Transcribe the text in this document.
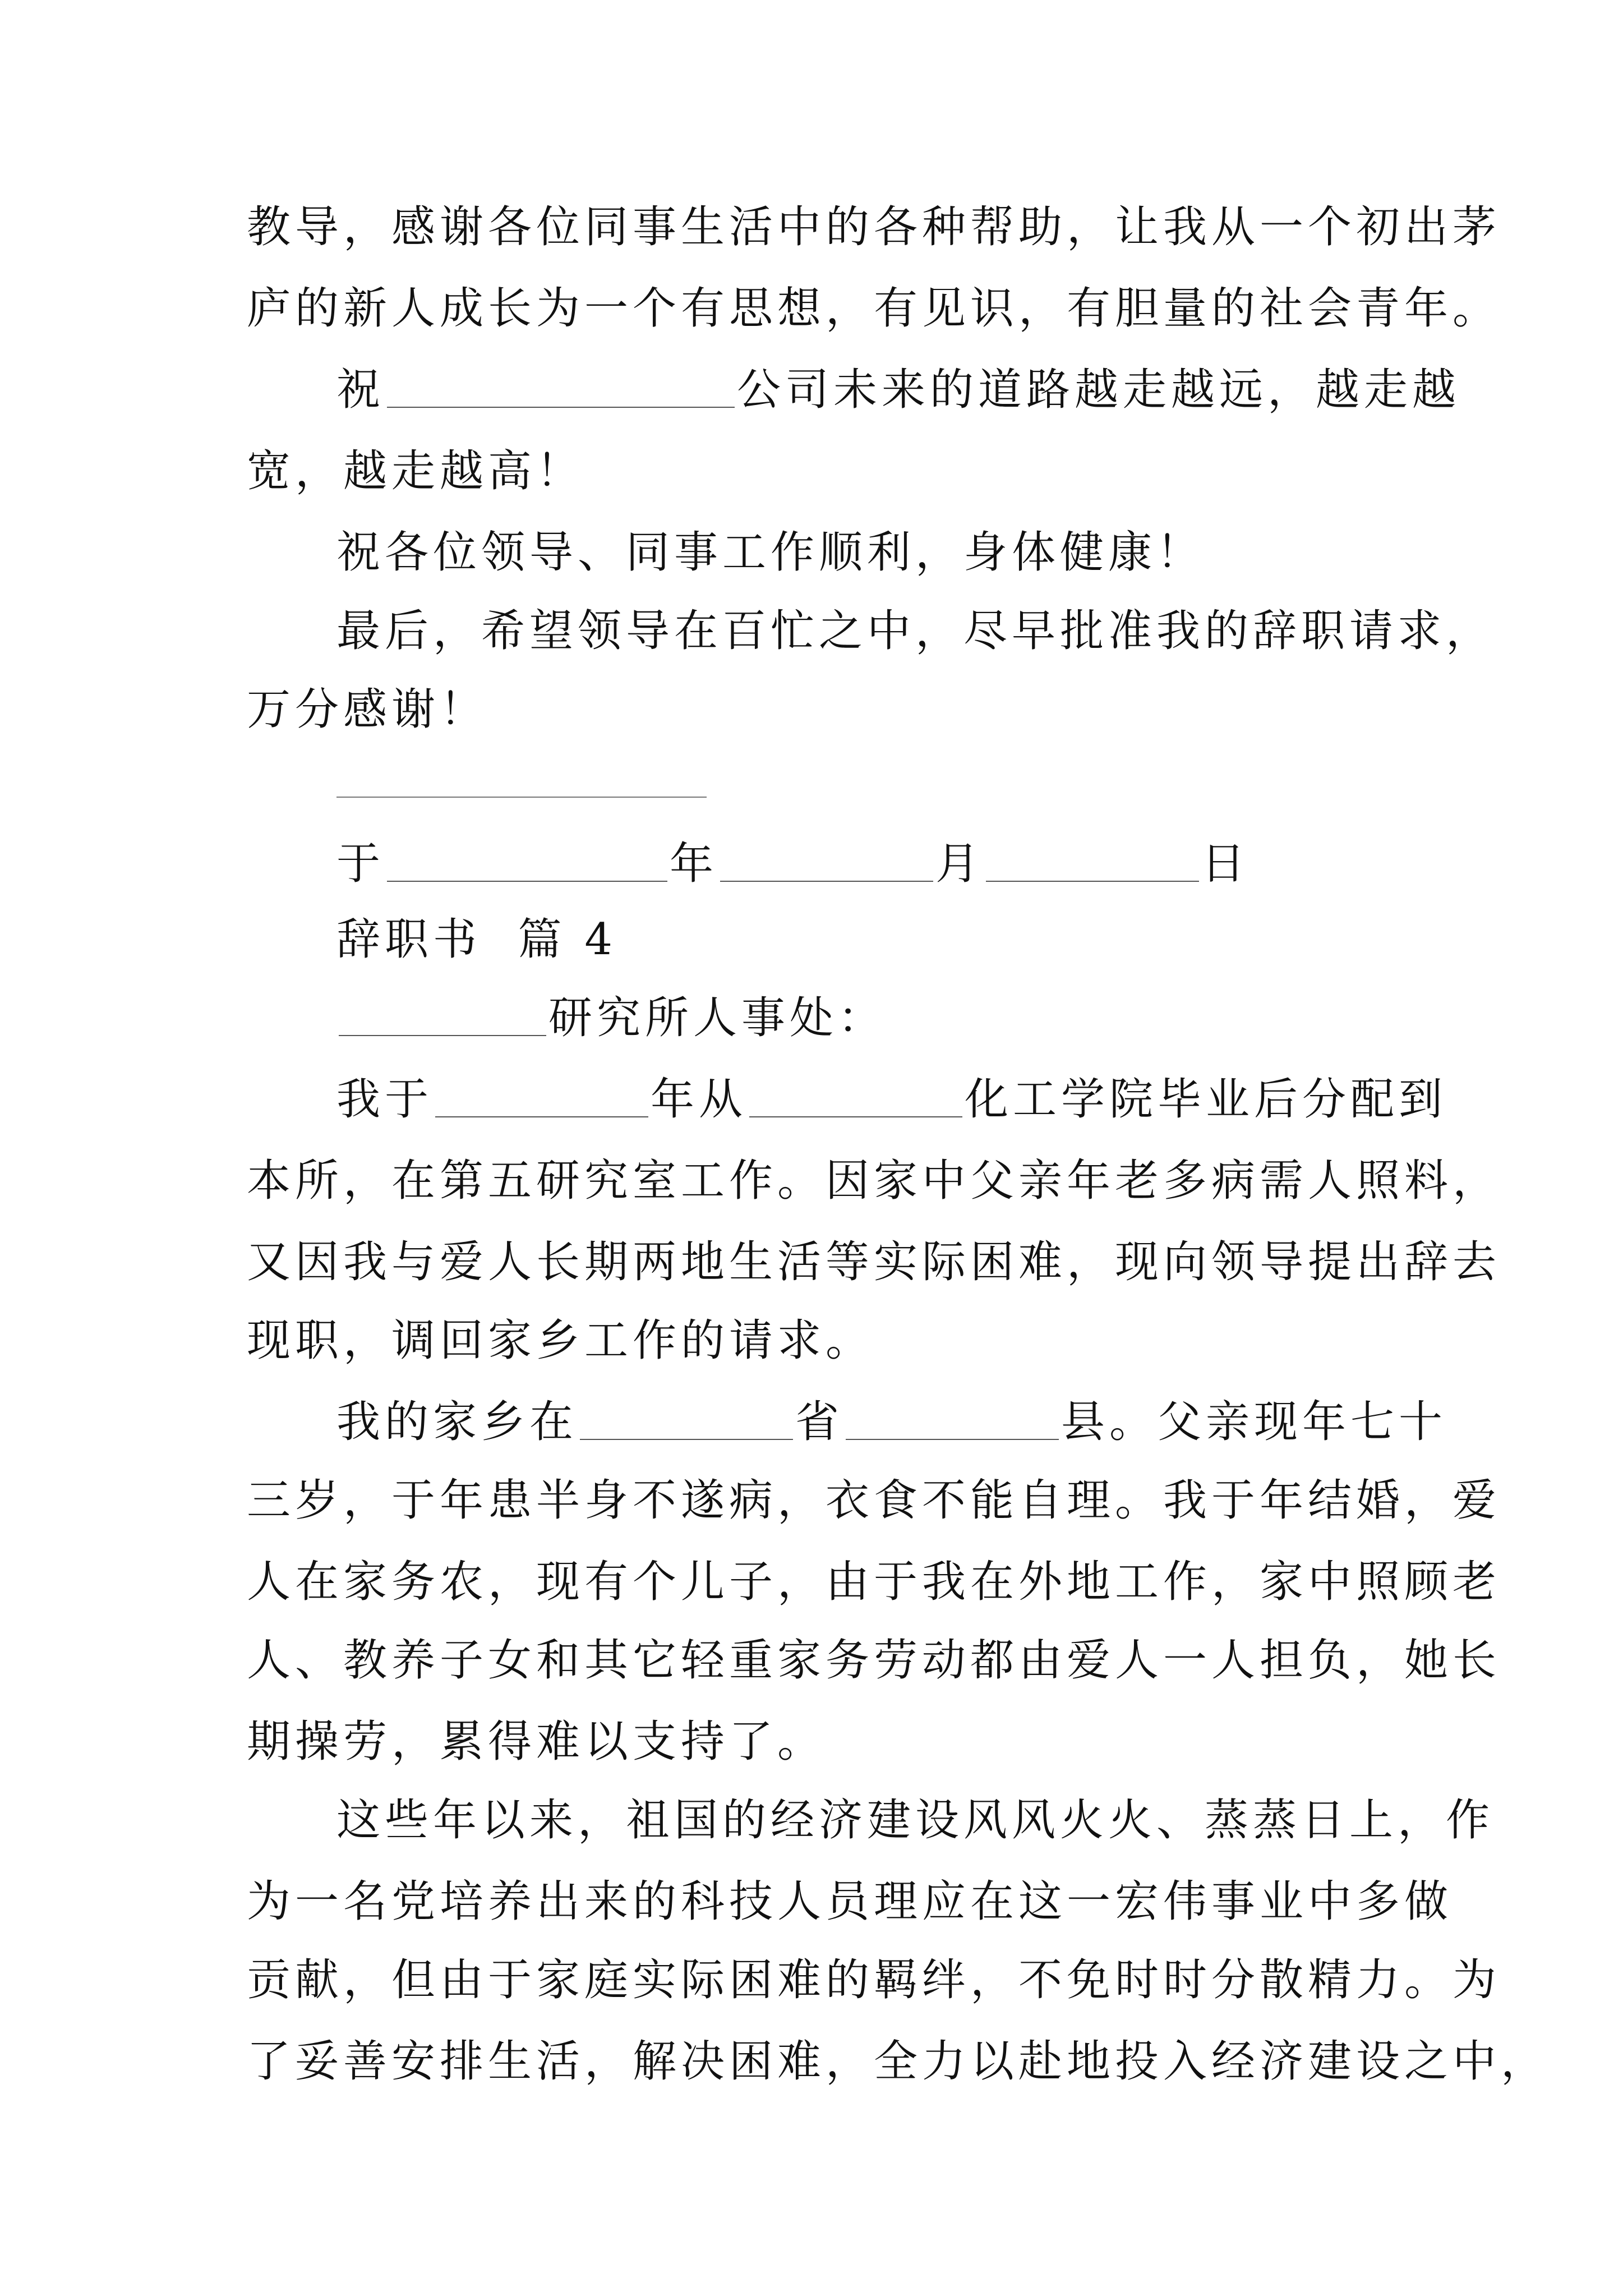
教导，感谢各位同事生活中的各种帮助，让我从一个初出茅
庐的新人成长为一个有思想，有见识，有胆量的社会青年。
祝	公司未来的道路越走越远，越走越
宽，越走越高！
祝各位领导、同事工作顺利，身体健康！
最后，希望领导在百忙之中，尽早批准我的辞职请求，
万分感谢！
于	年	月	日
辞职书  篇 4
研究所人事处：
我于	年从	化工学院毕业后分配到
本所，在第五研究室工作。因家中父亲年老多病需人照料，
又因我与爱人长期两地生活等实际困难，现向领导提出辞去
现职，调回家乡工作的请求。
我的家乡在	省	县。父亲现年七十
三岁，于年患半身不遂病，衣食不能自理。我于年结婚，爱
人在家务农，现有个儿子，由于我在外地工作，家中照顾老
人、教养子女和其它轻重家务劳动都由爱人一人担负，她长
期操劳，累得难以支持了。
这些年以来，祖国的经济建设风风火火、蒸蒸日上，作
为一名党培养出来的科技人员理应在这一宏伟事业中多做
贡献，但由于家庭实际困难的羁绊，不免时时分散精力。为
了妥善安排生活，解决困难，全力以赴地投入经济建设之中，
